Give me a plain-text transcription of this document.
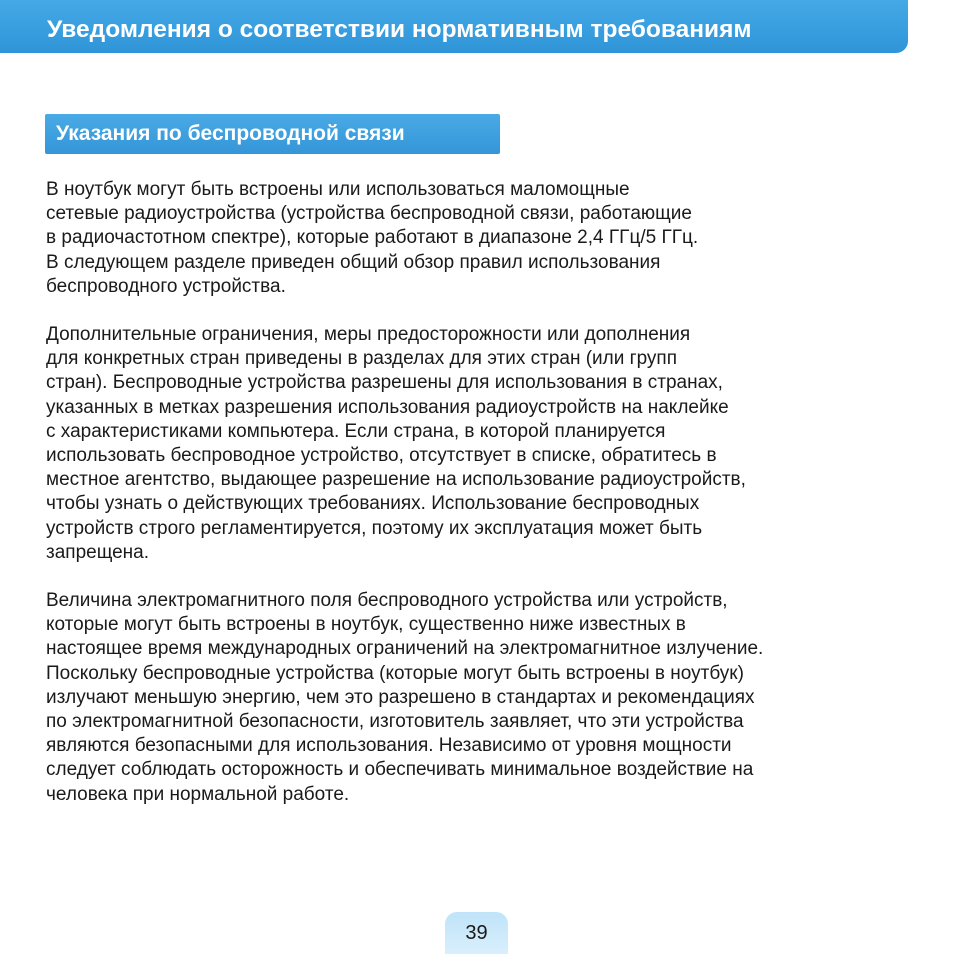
Уведомления о соответствии нормативным требованиям
Указания по беспроводной связи

В ноутбук могут быть встроены или использоваться маломощные
сетевые радиоустройства (устройства беспроводной связи, работающие
в радиочастотном спектре), которые работают в диапазоне 2,4 ГГц/5 ГГц.
В следующем разделе приведен общий обзор правил использования
беспроводного устройства.

Дополнительные ограничения, меры предосторожности или дополнения
для конкретных стран приведены в разделах для этих стран (или групп
стран). Беспроводные устройства разрешены для использования в странах,
указанных в метках разрешения использования радиоустройств на наклейке
с характеристиками компьютера. Если страна, в которой планируется
использовать беспроводное устройство, отсутствует в списке, обратитесь в
местное агентство, выдающее разрешение на использование радиоустройств,
чтобы узнать о действующих требованиях. Использование беспроводных
устройств строго регламентируется, поэтому их эксплуатация может быть
запрещена.

Величина электромагнитного поля беспроводного устройства или устройств,
которые могут быть встроены в ноутбук, существенно ниже известных в
настоящее время международных ограничений на электромагнитное излучение.
Поскольку беспроводные устройства (которые могут быть встроены в ноутбук)
излучают меньшую энергию, чем это разрешено в стандартах и рекомендациях
по электромагнитной безопасности, изготовитель заявляет, что эти устройства
являются безопасными для использования. Независимо от уровня мощности
следует соблюдать осторожность и обеспечивать минимальное воздействие на
человека при нормальной работе.

39
